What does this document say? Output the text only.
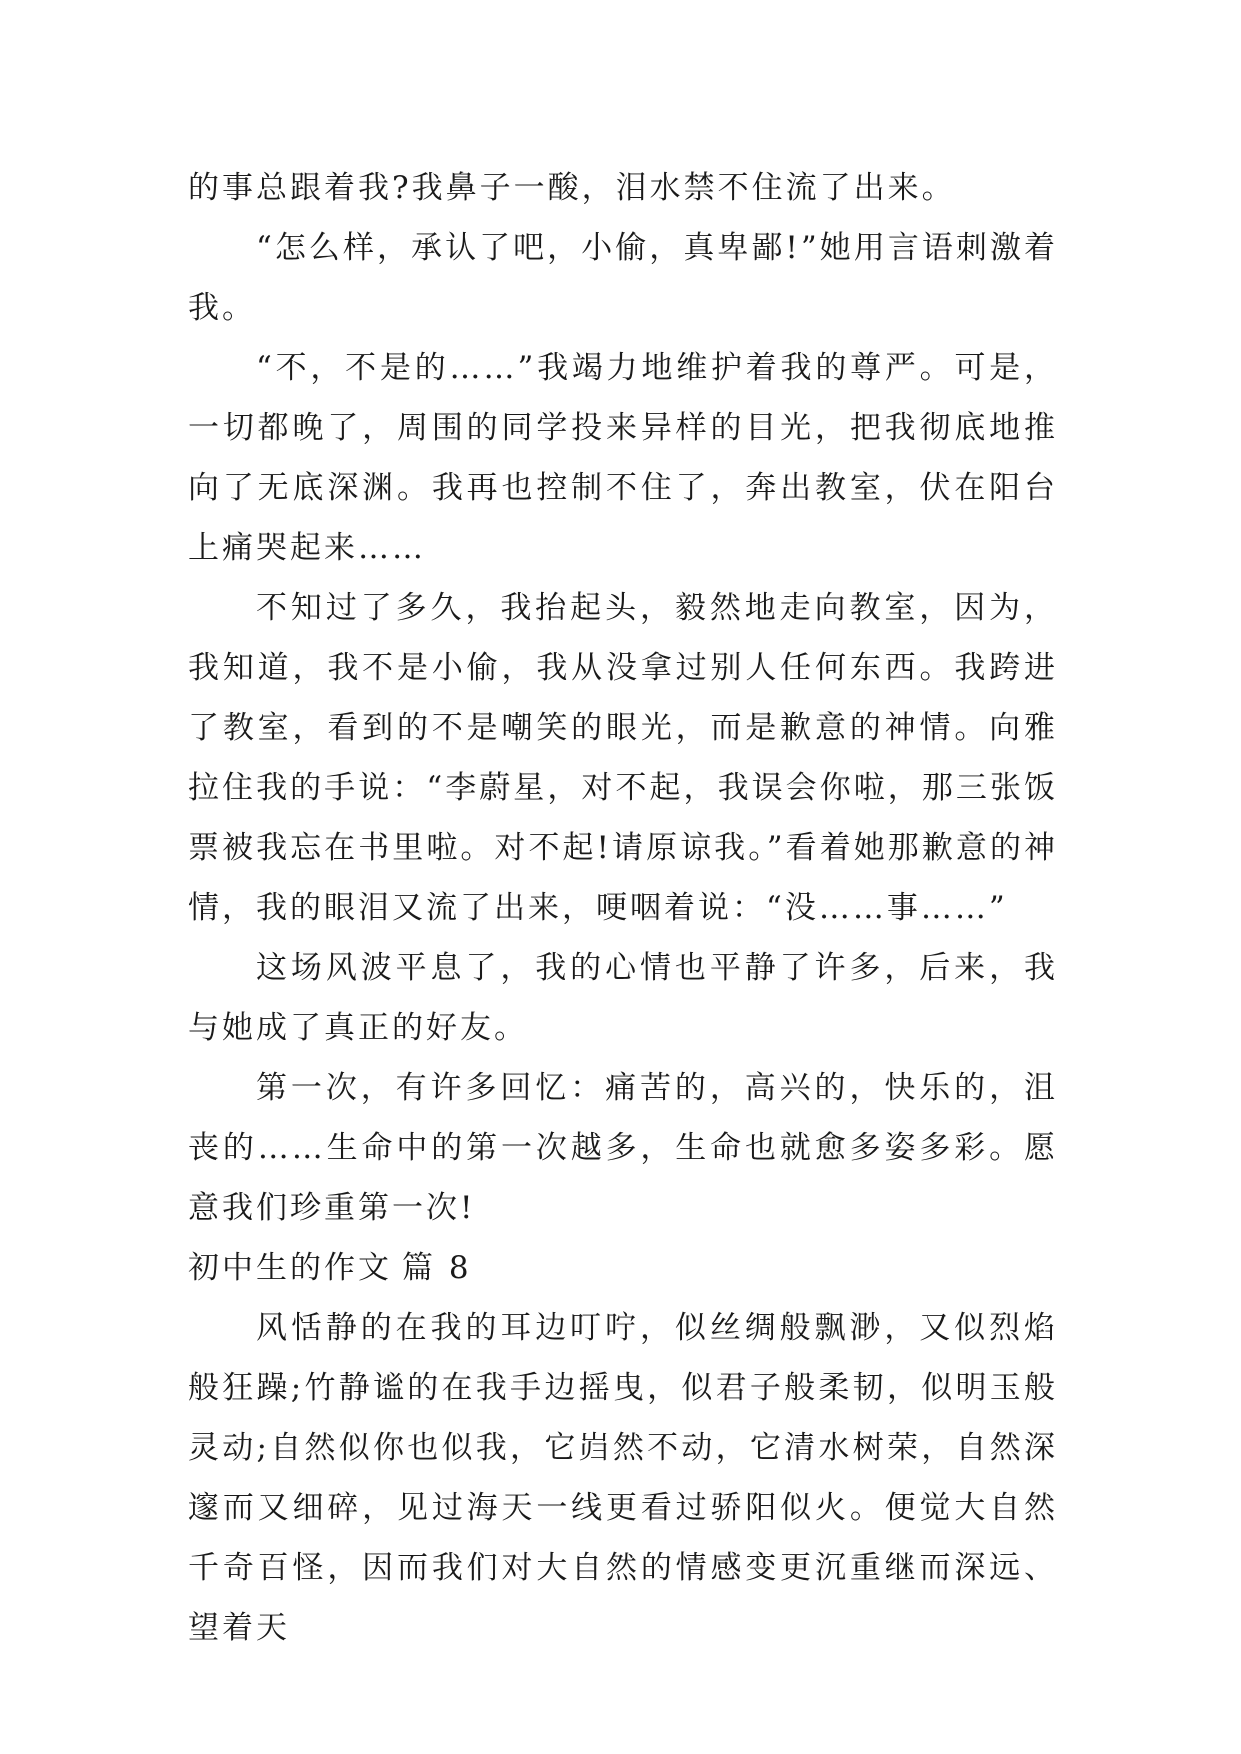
的事总跟着我?我鼻子一酸，泪水禁不住流了出来。

“怎么样，承认了吧，小偷，真卑鄙!”她用言语刺激着我。

“不，不是的……”我竭力地维护着我的尊严。可是，一切都晚了，周围的同学投来异样的目光，把我彻底地推向了无底深渊。我再也控制不住了，奔出教室，伏在阳台上痛哭起来……

不知过了多久，我抬起头，毅然地走向教室，因为，我知道，我不是小偷，我从没拿过别人任何东西。我跨进了教室，看到的不是嘲笑的眼光，而是歉意的神情。向雅拉住我的手说：“李蔚星，对不起，我误会你啦，那三张饭票被我忘在书里啦。对不起!请原谅我。”看着她那歉意的神情，我的眼泪又流了出来，哽咽着说：“没……事……”

这场风波平息了，我的心情也平静了许多，后来，我与她成了真正的好友。

第一次，有许多回忆：痛苦的，高兴的，快乐的，沮丧的……生命中的第一次越多，生命也就愈多姿多彩。愿意我们珍重第一次!

初中生的作文 篇 8

风恬静的在我的耳边叮咛，似丝绸般飘渺，又似烈焰般狂躁;竹静谧的在我手边摇曳，似君子般柔韧，似明玉般灵动;自然似你也似我，它岿然不动，它清水树荣，自然深邃而又细碎，见过海天一线更看过骄阳似火。便觉大自然千奇百怪，因而我们对大自然的情感变更沉重继而深远、望着天
